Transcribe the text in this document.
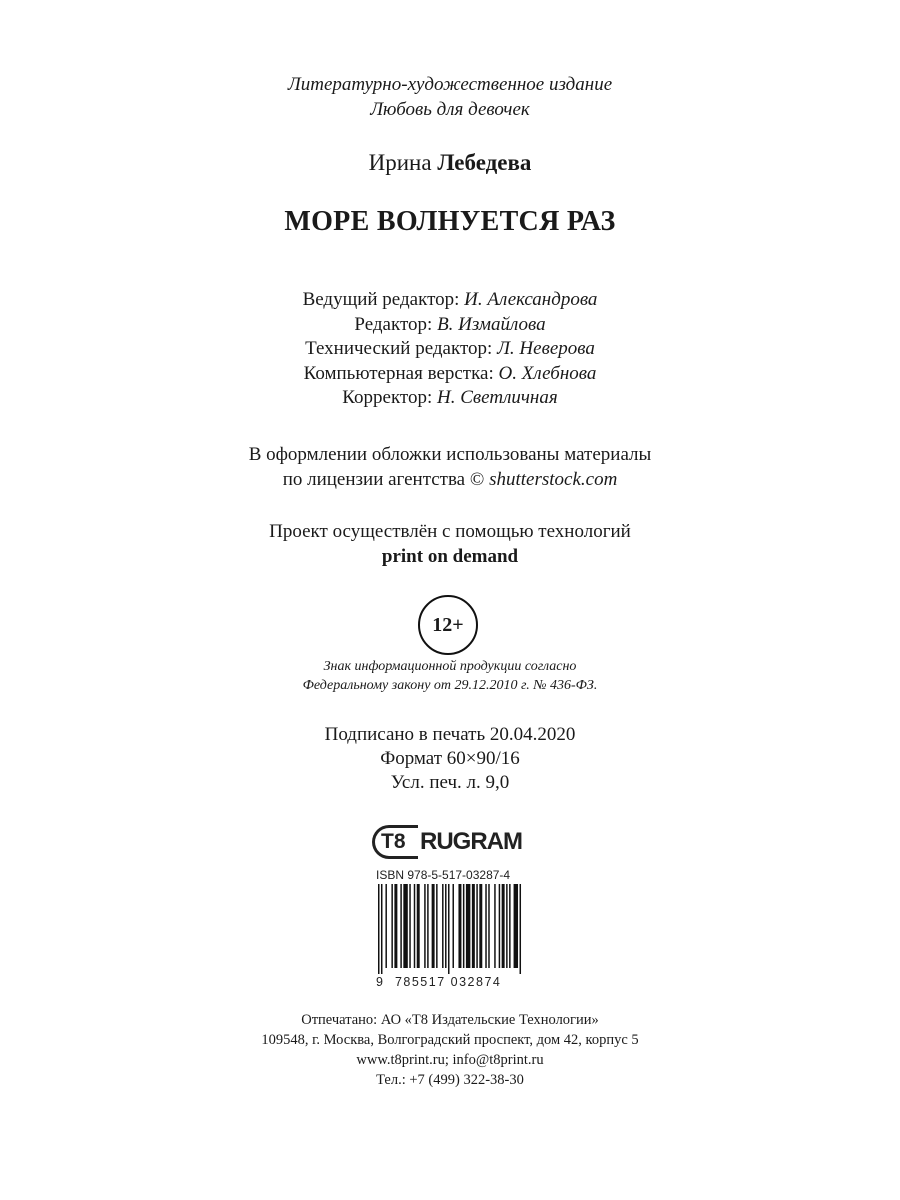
Литературно-художественное издание
Любовь для девочек
Ирина Лебедева
МОРЕ ВОЛНУЕТСЯ РАЗ
Ведущий редактор: И. Александрова
Редактор: В. Измайлова
Технический редактор: Л. Неверова
Компьютерная верстка: О. Хлебнова
Корректор: Н. Светличная
В оформлении обложки использованы материалы
по лицензии агентства © shutterstock.com
Проект осуществлён с помощью технологий
print on demand
12+
Знак информационной продукции согласно
Федеральному закону от 29.12.2010 г. № 436-ФЗ.
Подписано в печать 20.04.2020
Формат 60×90/16
Усл. печ. л. 9,0
T8 RUGRAM
ISBN 978-5-517-03287-4
9 785517 032874
Отпечатано: АО «Т8 Издательские Технологии»
109548, г. Москва, Волгоградский проспект, дом 42, корпус 5
www.t8print.ru; info@t8print.ru
Тел.: +7 (499) 322-38-30
